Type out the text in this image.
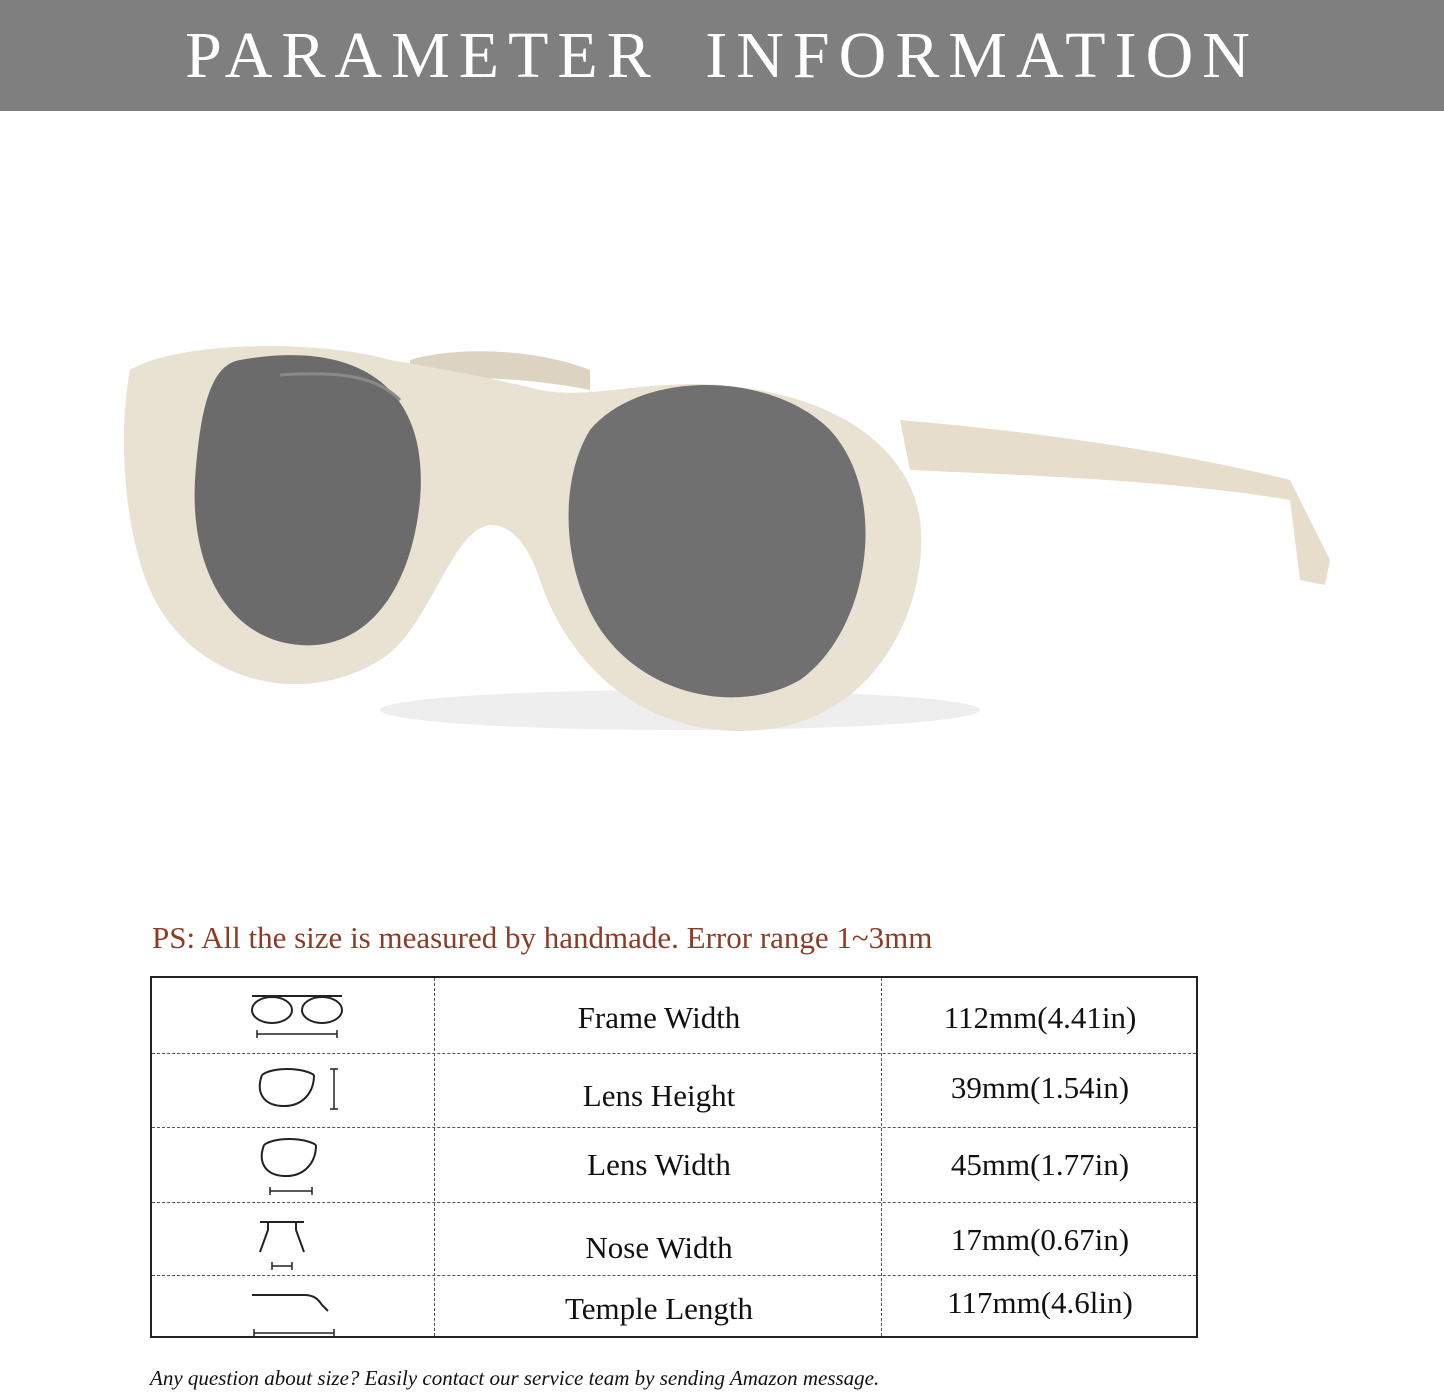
PARAMETER INFORMATION
PS: All the size is measured by handmade. Error range 1~3mm
Frame Width	112mm(4.41in)
Lens Height	39mm(1.54in)
Lens Width	45mm(1.77in)
Nose Width	17mm(0.67in)
Temple Length	117mm(4.6lin)
Any question about size? Easily contact our service team by sending Amazon message.
